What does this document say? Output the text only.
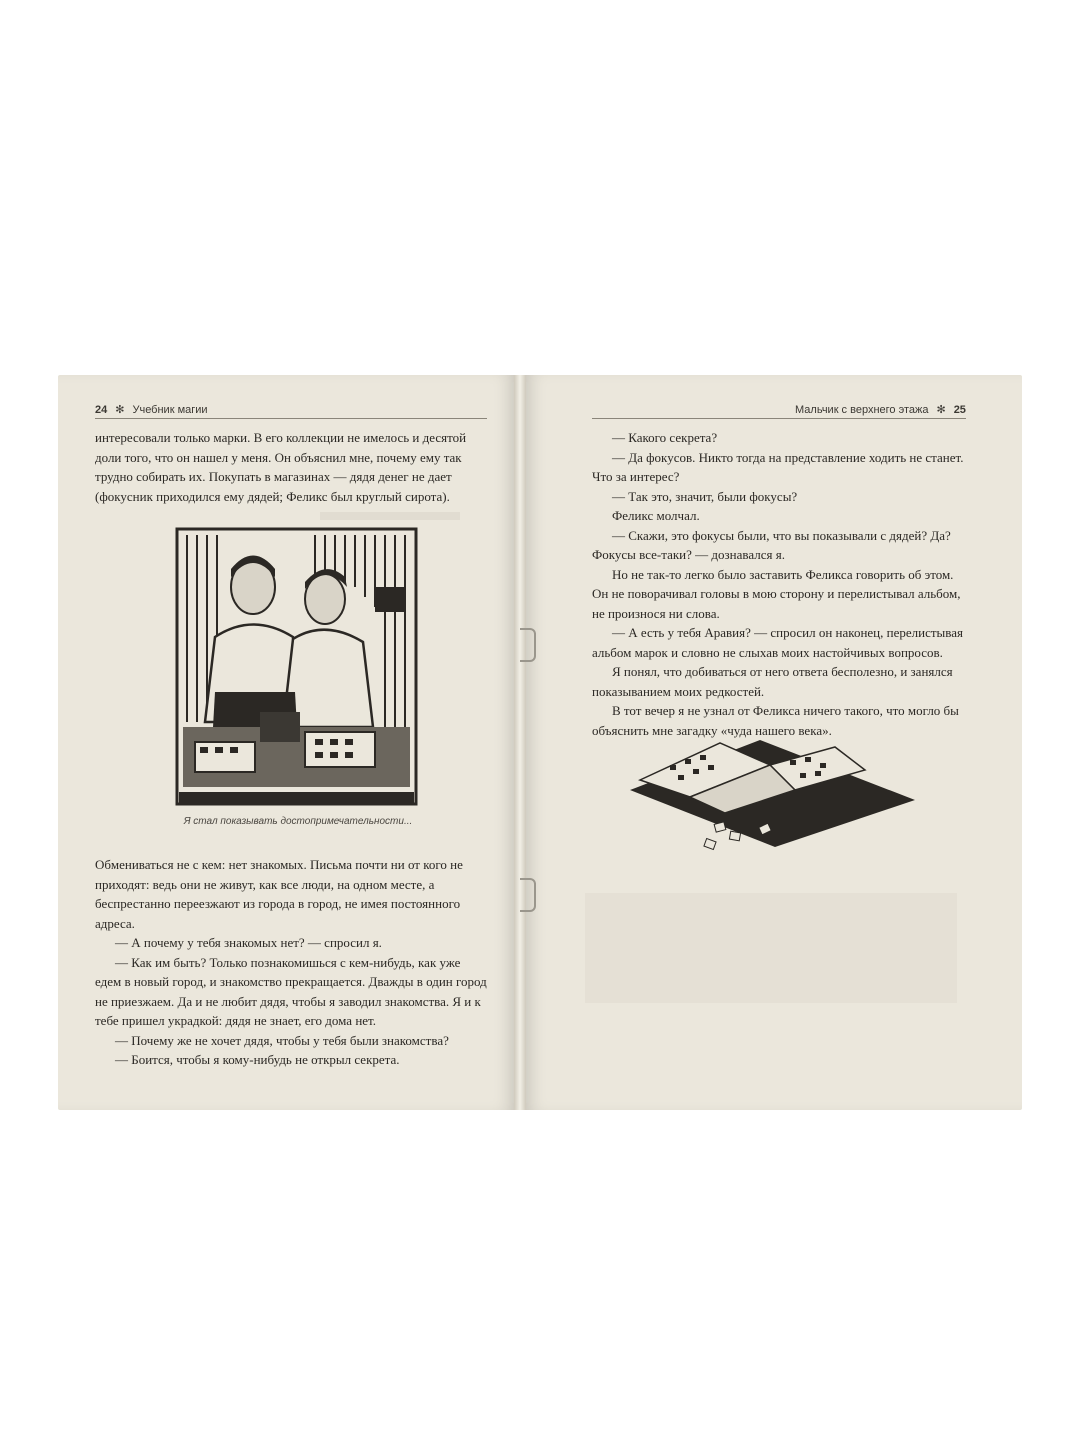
24 ✻ Учебник магии	Мальчик с верхнего этажа ✻ 25

интересовали только марки. В его коллекции не имелось и десятой доли того, что он нашел у меня. Он объяснил мне, почему ему так трудно собирать их. Покупать в магазинах — дядя денег не дает (фокусник приходился ему дядей; Феликс был круглый сирота).

Я стал показывать достопримечательности...

Обмениваться не с кем: нет знакомых. Письма почти ни от кого не приходят: ведь они не живут, как все люди, на одном месте, а беспрестанно переезжают из города в город, не имея постоянного адреса.

— А почему у тебя знакомых нет? — спросил я.

— Как им быть? Только познакомишься с кем-нибудь, как уже едем в новый город, и знакомство прекращается. Дважды в один город не приезжаем. Да и не любит дядя, чтобы я заводил знакомства. Я и к тебе пришел украдкой: дядя не знает, его дома нет.

— Почему же не хочет дядя, чтобы у тебя были знакомства?

— Боится, чтобы я кому-нибудь не открыл секрета.

— Какого секрета?

— Да фокусов. Никто тогда на представление ходить не станет. Что за интерес?

— Так это, значит, были фокусы?

Феликс молчал.

— Скажи, это фокусы были, что вы показывали с дядей? Да? Фокусы все-таки? — дознавался я.

Но не так-то легко было заставить Феликса говорить об этом. Он не поворачивал головы в мою сторону и перелистывал альбом, не произнося ни слова.

— А есть у тебя Аравия? — спросил он наконец, перелистывая альбом марок и словно не слыхав моих настойчивых вопросов.

Я понял, что добиваться от него ответа бесполезно, и занялся показыванием моих редкостей.

В тот вечер я не узнал от Феликса ничего такого, что могло бы объяснить мне загадку «чуда нашего века».
